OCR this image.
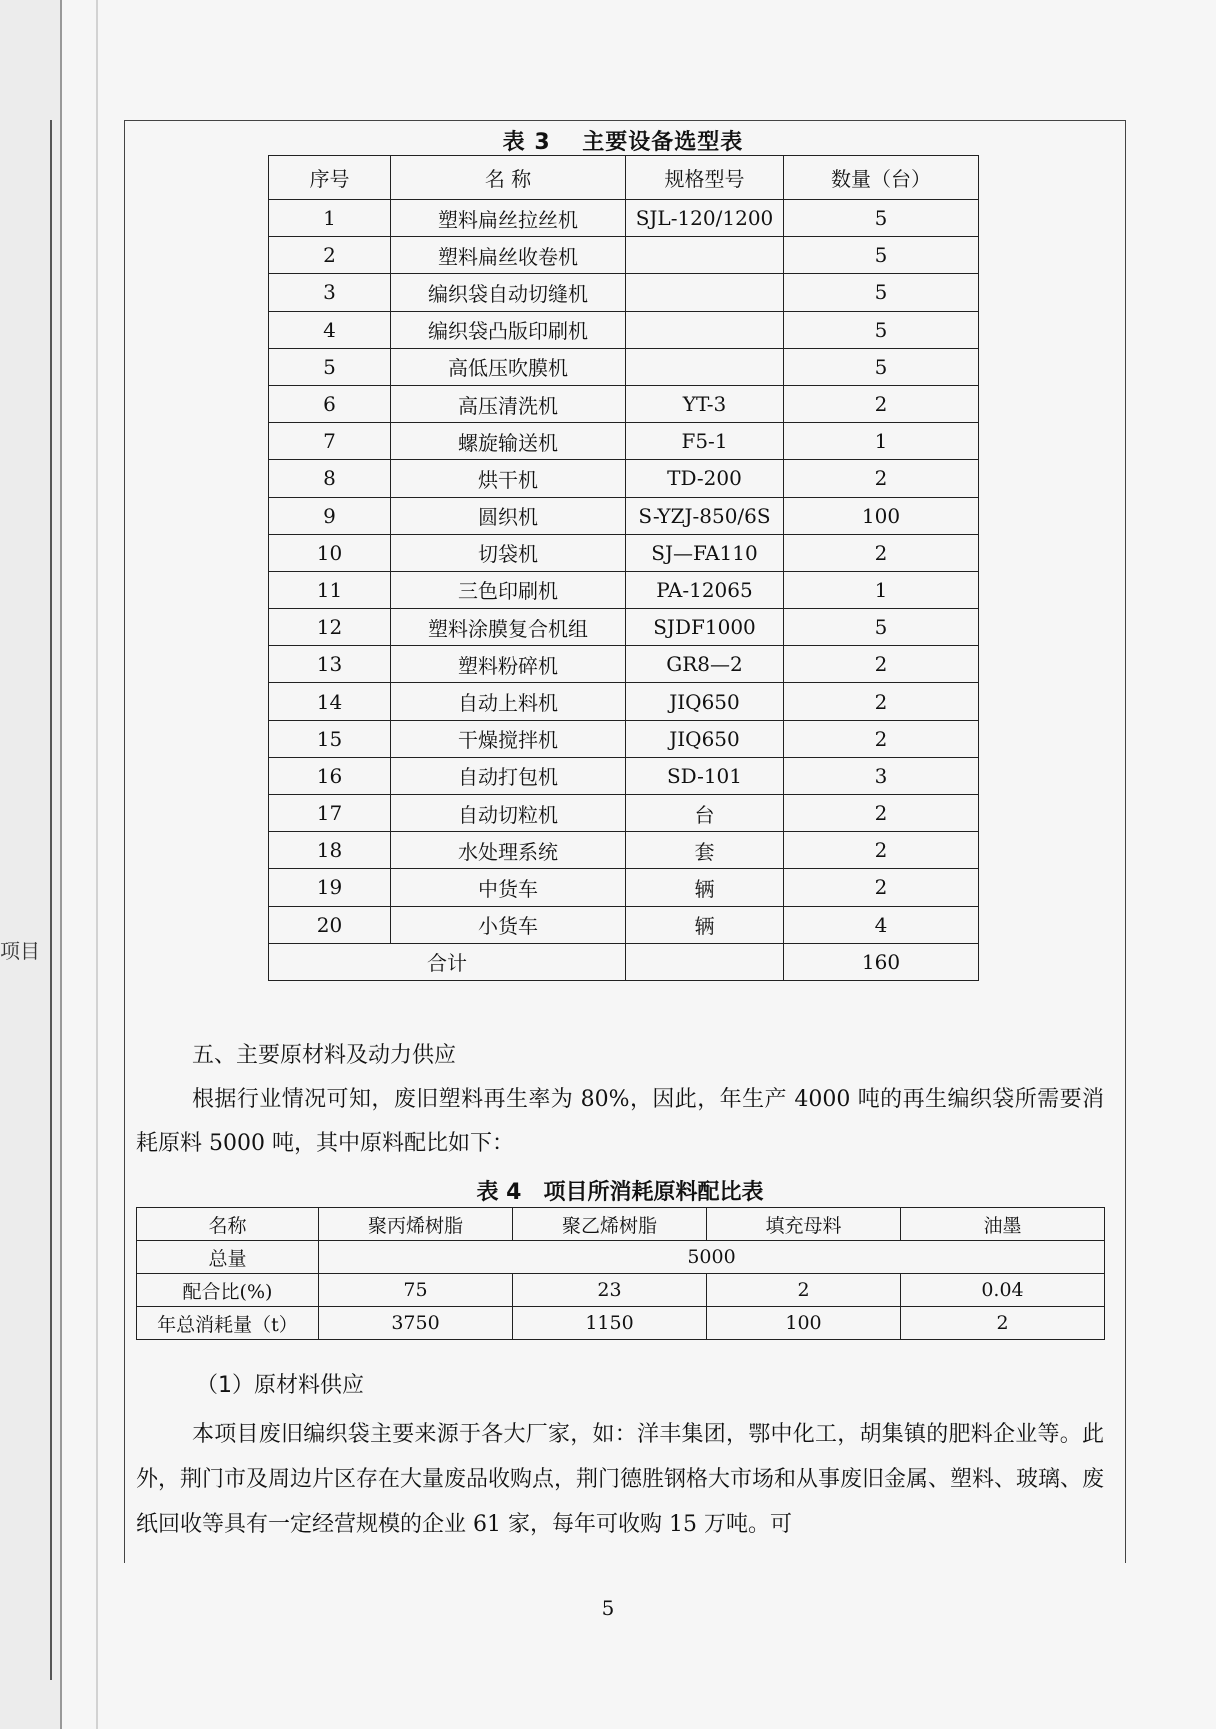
项目
表 3　 主要设备选型表
序号	名 称	规格型号	数量（台）
1	塑料扁丝拉丝机	SJL-120/1200	5
2	塑料扁丝收卷机		5
3	编织袋自动切缝机		5
4	编织袋凸版印刷机		5
5	高低压吹膜机		5
6	高压清洗机	YT-3	2
7	螺旋输送机	F5-1	1
8	烘干机	TD-200	2
9	圆织机	S-YZJ-850/6S	100
10	切袋机	SJ—FA110	2
11	三色印刷机	PA-12065	1
12	塑料涂膜复合机组	SJDF1000	5
13	塑料粉碎机	GR8—2	2
14	自动上料机	JIQ650	2
15	干燥搅拌机	JIQ650	2
16	自动打包机	SD-101	3
17	自动切粒机	台	2
18	水处理系统	套	2
19	中货车	辆	2
20	小货车	辆	4
合计			160
五、主要原材料及动力供应
根据行业情况可知，废旧塑料再生率为 80%，因此，年生产 4000 吨的再生编织袋所需要消耗原料 5000 吨，其中原料配比如下：
表 4　项目所消耗原料配比表
名称	聚丙烯树脂	聚乙烯树脂	填充母料	油墨
总量	5000			
配合比(%)	75	23	2	0.04
年总消耗量（t）	3750	1150	100	2
（1）原材料供应
本项目废旧编织袋主要来源于各大厂家，如：洋丰集团，鄂中化工，胡集镇的肥料企业等。此外，荆门市及周边片区存在大量废品收购点，荆门德胜钢格大市场和从事废旧金属、塑料、玻璃、废纸回收等具有一定经营规模的企业 61 家，每年可收购 15 万吨。可
5
